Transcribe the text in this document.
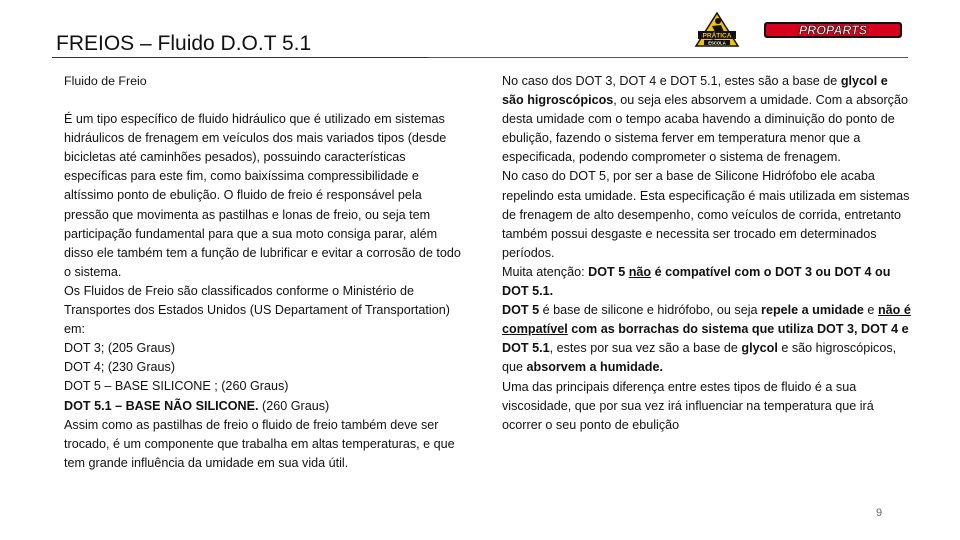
FREIOS – Fluido D.O.T 5.1	PRÁTICA
ESCOLA
PROPARTS

Fluido de Freio

É um tipo específico de fluido hidráulico que é utilizado em sistemas hidráulicos de frenagem em veículos dos mais variados tipos (desde bicicletas até caminhões pesados), possuindo características específicas para este fim, como baixíssima compressibilidade e altíssimo ponto de ebulição. O fluido de freio é responsável pela pressão que movimenta as pastilhas e lonas de freio, ou seja tem participação fundamental para que a sua moto consiga parar, além disso ele também tem a função de lubrificar e evitar a corrosão de todo o sistema.

Os Fluidos de Freio são classificados conforme o Ministério de Transportes dos Estados Unidos (US Departament of Transportation) em:

DOT 3; (205 Graus)

DOT 4; (230 Graus)

DOT 5 – BASE SILICONE ; (260 Graus)

DOT 5.1 – BASE NÃO SILICONE. (260 Graus)

Assim como as pastilhas de freio o fluido de freio também deve ser trocado, é um componente que trabalha em altas temperaturas, e que tem grande influência da umidade em sua vida útil.

No caso dos DOT 3, DOT 4 e DOT 5.1, estes são a base de glycol e são higroscópicos, ou seja eles absorvem a umidade. Com a absorção desta umidade com o tempo acaba havendo a diminuição do ponto de ebulição, fazendo o sistema ferver em temperatura menor que a especificada, podendo comprometer o sistema de frenagem.

No caso do DOT 5, por ser a base de Silicone Hidrófobo ele acaba repelindo esta umidade. Esta especificação é mais utilizada em sistemas de frenagem de alto desempenho, como veículos de corrida, entretanto também possui desgaste e necessita ser trocado em determinados períodos.

Muita atenção: DOT 5 não é compatível com o DOT 3 ou DOT 4 ou DOT 5.1.

DOT 5 é base de silicone e hidrófobo, ou seja repele a umidade e não é compatível com as borrachas do sistema que utiliza DOT 3, DOT 4 e DOT 5.1, estes por sua vez são a base de glycol e são higroscópicos, que absorvem a humidade.

Uma das principais diferença entre estes tipos de fluido é a sua viscosidade, que por sua vez irá influenciar na temperatura que irá ocorrer o seu ponto de ebulição

9
